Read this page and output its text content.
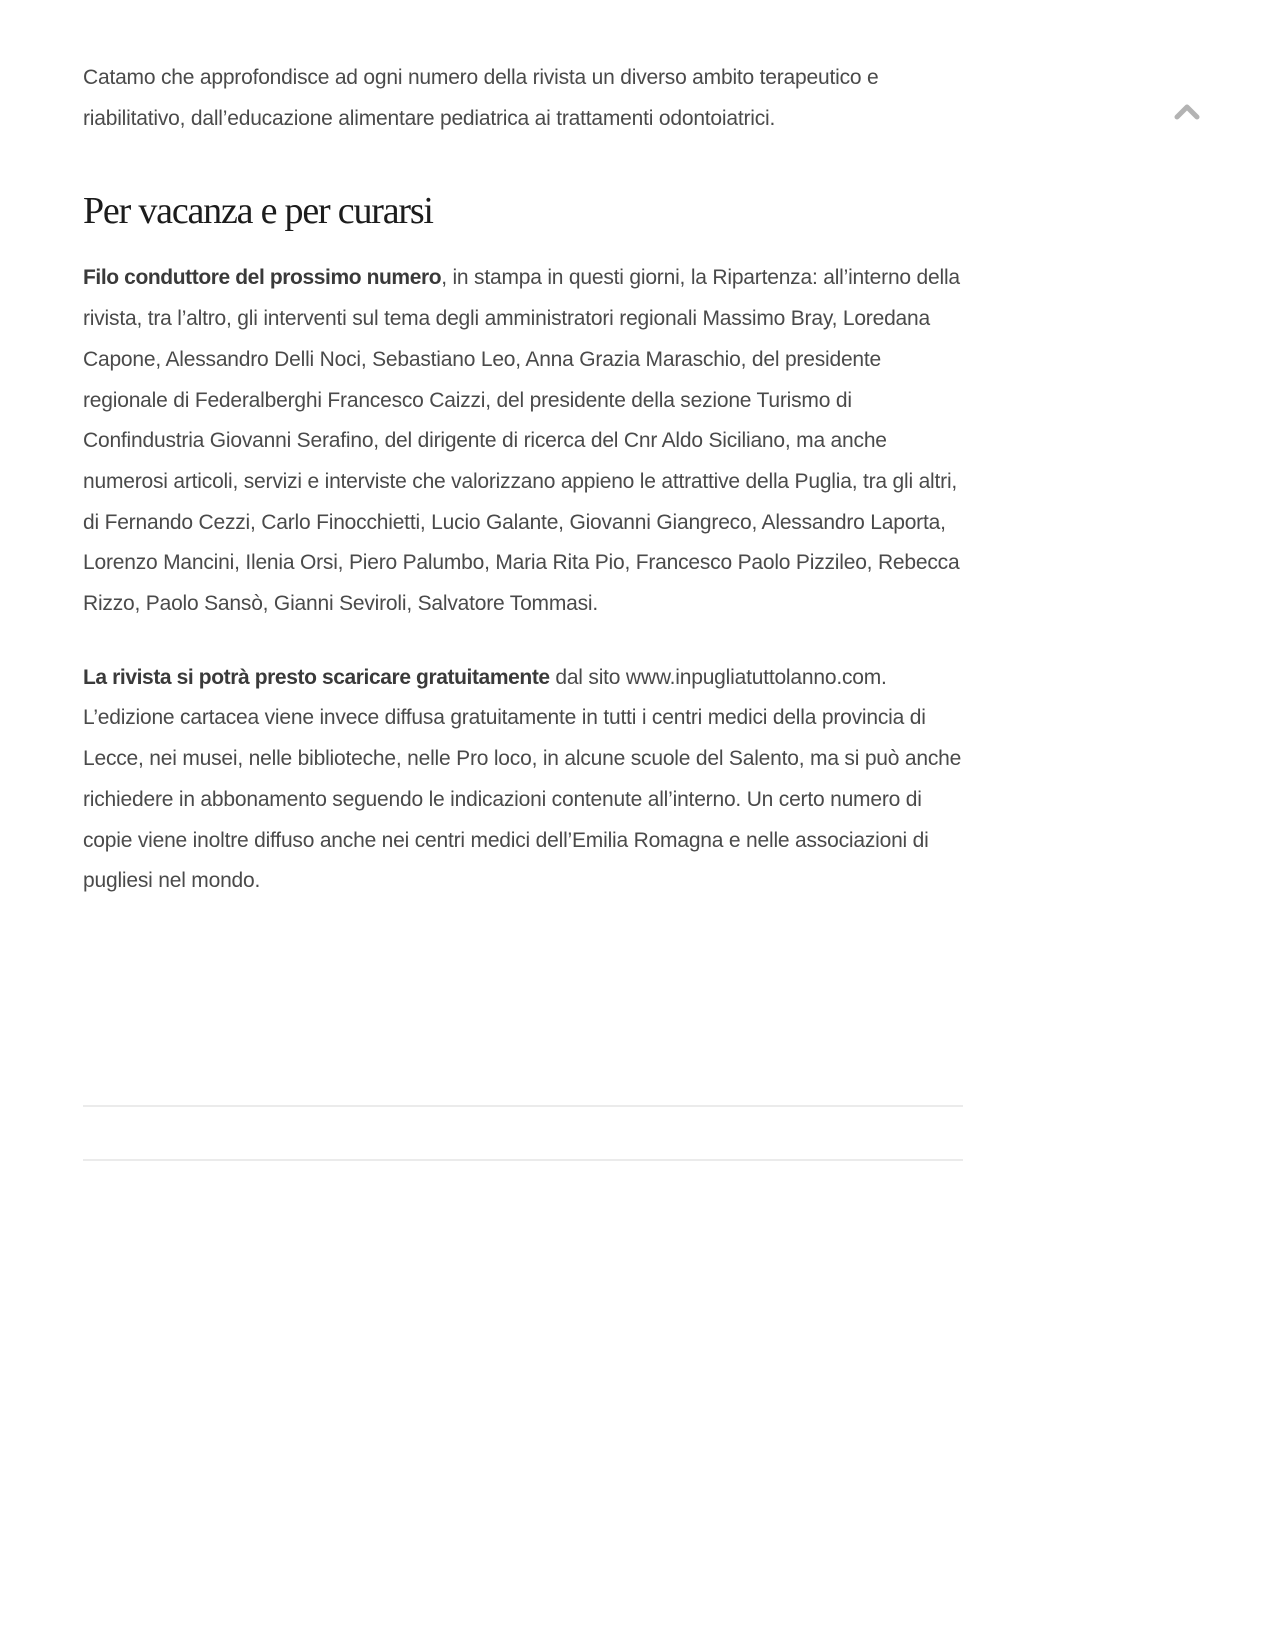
Catamo che approfondisce ad ogni numero della rivista un diverso ambito terapeutico e riabilitativo, dall’educazione alimentare pediatrica ai trattamenti odontoiatrici.

Per vacanza e per curarsi

Filo conduttore del prossimo numero, in stampa in questi giorni, la Ripartenza: all’interno della rivista, tra l’altro, gli interventi sul tema degli amministratori regionali Massimo Bray, Loredana Capone, Alessandro Delli Noci, Sebastiano Leo, Anna Grazia Maraschio, del presidente regionale di Federalberghi Francesco Caizzi, del presidente della sezione Turismo di Confindustria Giovanni Serafino, del dirigente di ricerca del Cnr Aldo Siciliano, ma anche numerosi articoli, servizi e interviste che valorizzano appieno le attrattive della Puglia, tra gli altri, di Fernando Cezzi, Carlo Finocchietti, Lucio Galante, Giovanni Giangreco, Alessandro Laporta, Lorenzo Mancini, Ilenia Orsi, Piero Palumbo, Maria Rita Pio, Francesco Paolo Pizzileo, Rebecca Rizzo, Paolo Sansò, Gianni Seviroli, Salvatore Tommasi.

La rivista si potrà presto scaricare gratuitamente dal sito www.inpugliatuttolanno.com. L’edizione cartacea viene invece diffusa gratuitamente in tutti i centri medici della provincia di Lecce, nei musei, nelle biblioteche, nelle Pro loco, in alcune scuole del Salento, ma si può anche richiedere in abbonamento seguendo le indicazioni contenute all’interno. Un certo numero di copie viene inoltre diffuso anche nei centri medici dell’Emilia Romagna e nelle associazioni di pugliesi nel mondo.
